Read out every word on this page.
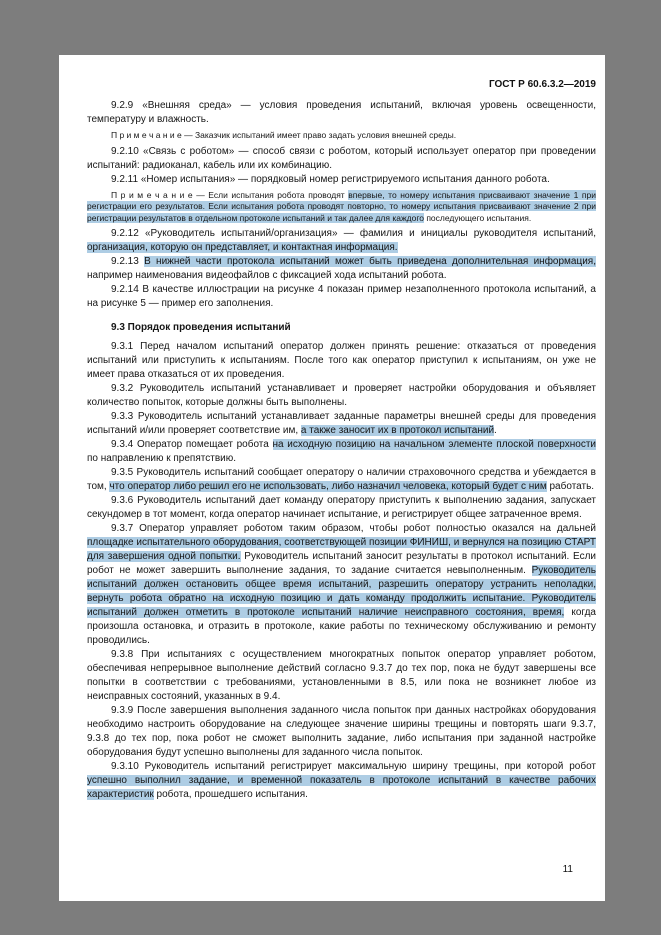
ГОСТ Р 60.6.3.2—2019

9.2.9 «Внешняя среда» — условия проведения испытаний, включая уровень освещенности, температуру и влажность.

П р и м е ч а н и е — Заказчик испытаний имеет право задать условия внешней среды.

9.2.10 «Связь с роботом» — способ связи с роботом, который использует оператор при проведении испытаний: радиоканал, кабель или их комбинацию.

9.2.11 «Номер испытания» — порядковый номер регистрируемого испытания данного робота.

П р и м е ч а н и е — Если испытания робота проводят впервые, то номеру испытания присваивают значение 1 при регистрации его результатов. Если испытания робота проводят повторно, то номеру испытания присваивают значение 2 при регистрации результатов в отдельном протоколе испытаний и так далее для каждого последующего испытания.

9.2.12 «Руководитель испытаний/организация» — фамилия и инициалы руководителя испытаний, организация, которую он представляет, и контактная информация.

9.2.13 В нижней части протокола испытаний может быть приведена дополнительная информация, например наименования видеофайлов с фиксацией хода испытаний робота.

9.2.14 В качестве иллюстрации на рисунке 4 показан пример незаполненного протокола испытаний, а на рисунке 5 — пример его заполнения.

9.3 Порядок проведения испытаний

9.3.1 Перед началом испытаний оператор должен принять решение: отказаться от проведения испытаний или приступить к испытаниям. После того как оператор приступил к испытаниям, он уже не имеет права отказаться от их проведения.

9.3.2 Руководитель испытаний устанавливает и проверяет настройки оборудования и объявляет количество попыток, которые должны быть выполнены.

9.3.3 Руководитель испытаний устанавливает заданные параметры внешней среды для проведения испытаний и/или проверяет соответствие им, а также заносит их в протокол испытаний.

9.3.4 Оператор помещает робота на исходную позицию на начальном элементе плоской поверхности по направлению к препятствию.

9.3.5 Руководитель испытаний сообщает оператору о наличии страховочного средства и убеждается в том, что оператор либо решил его не использовать, либо назначил человека, который будет с ним работать.

9.3.6 Руководитель испытаний дает команду оператору приступить к выполнению задания, запускает секундомер в тот момент, когда оператор начинает испытание, и регистрирует общее затраченное время.

9.3.7 Оператор управляет роботом таким образом, чтобы робот полностью оказался на дальней площадке испытательного оборудования, соответствующей позиции ФИНИШ, и вернулся на позицию СТАРТ для завершения одной попытки. Руководитель испытаний заносит результаты в протокол испытаний. Если робот не может завершить выполнение задания, то задание считается невыполненным. Руководитель испытаний должен остановить общее время испытаний, разрешить оператору устранить неполадки, вернуть робота обратно на исходную позицию и дать команду продолжить испытание. Руководитель испытаний должен отметить в протоколе испытаний наличие неисправного состояния, время, когда произошла остановка, и отразить в протоколе, какие работы по техническому обслуживанию и ремонту проводились.

9.3.8 При испытаниях с осуществлением многократных попыток оператор управляет роботом, обеспечивая непрерывное выполнение действий согласно 9.3.7 до тех пор, пока не будут завершены все попытки в соответствии с требованиями, установленными в 8.5, или пока не возникнет любое из неисправных состояний, указанных в 9.4.

9.3.9 После завершения выполнения заданного числа попыток при данных настройках оборудования необходимо настроить оборудование на следующее значение ширины трещины и повторять шаги 9.3.7, 9.3.8 до тех пор, пока робот не сможет выполнить задание, либо испытания при заданной настройке оборудования будут успешно выполнены для заданного числа попыток.

9.3.10 Руководитель испытаний регистрирует максимальную ширину трещины, при которой робот успешно выполнил задание, и временной показатель в протоколе испытаний в качестве рабочих характеристик робота, прошедшего испытания.

11
